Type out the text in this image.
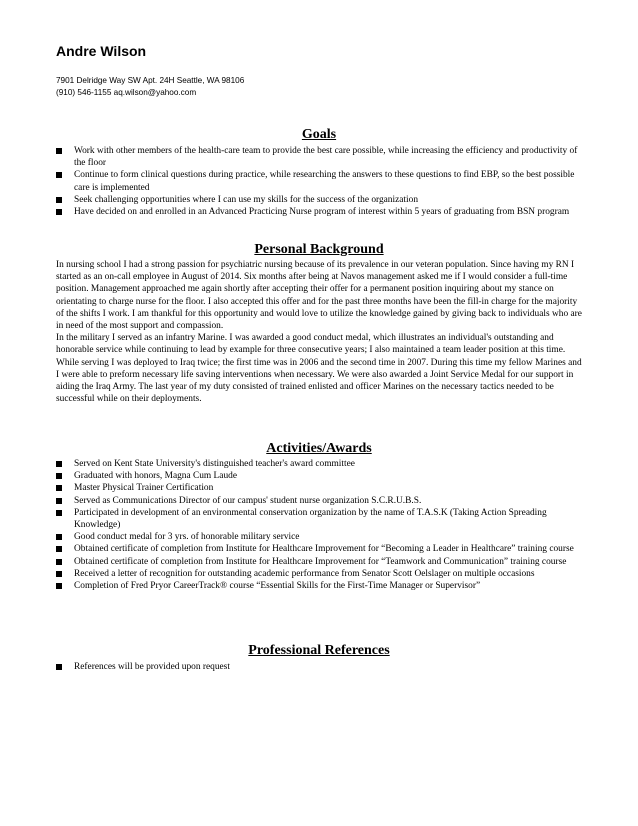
Andre Wilson
7901 Delridge Way SW Apt. 24H Seattle, WA 98106
(910) 546-1155 aq.wilson@yahoo.com
Goals
Work with other members of the health-care team to provide the best care possible, while increasing the efficiency and productivity of the floor
Continue to form clinical questions during practice, while researching the answers to these questions to find EBP, so the best possible care is implemented
Seek challenging opportunities where I can use my skills for the success of the organization
Have decided on and enrolled in an Advanced Practicing Nurse program of interest within 5 years of graduating from BSN program
Personal Background

In nursing school I had a strong passion for psychiatric nursing because of its prevalence in our veteran population. Since having my RN I started as an on-call employee in August of 2014. Six months after being at Navos management asked me if I would consider a full-time position. Management approached me again shortly after accepting their offer for a permanent position inquiring about my stance on orientating to charge nurse for the floor. I also accepted this offer and for the past three months have been the fill-in charge for the majority of the shifts I work. I am thankful for this opportunity and would love to utilize the knowledge gained by giving back to individuals who are in need of the most support and compassion.

In the military I served as an infantry Marine. I was awarded a good conduct medal, which illustrates an individual's outstanding and honorable service while continuing to lead by example for three consecutive years; I also maintained a team leader position at this time. While serving I was deployed to Iraq twice; the first time was in 2006 and the second time in 2007. During this time my fellow Marines and I were able to preform necessary life saving interventions when necessary. We were also awarded a Joint Service Medal for our support in aiding the Iraq Army. The last year of my duty consisted of trained enlisted and officer Marines on the necessary tactics needed to be successful while on their deployments.

Activities/Awards
Served on Kent State University's distinguished teacher's award committee
Graduated with honors, Magna Cum Laude
Master Physical Trainer Certification
Served as Communications Director of our campus' student nurse organization S.C.R.U.B.S.
Participated in development of an environmental conservation organization by the name of T.A.S.K (Taking Action Spreading Knowledge)
Good conduct medal for 3 yrs. of honorable military service
Obtained certificate of completion from Institute for Healthcare Improvement for “Becoming a Leader in Healthcare” training course
Obtained certificate of completion from Institute for Healthcare Improvement for “Teamwork and Communication” training course
Received a letter of recognition for outstanding academic performance from Senator Scott Oelslager on multiple occasions
Completion of Fred Pryor CareerTrack® course “Essential Skills for the First-Time Manager or Supervisor”
Professional References
References will be provided upon request
